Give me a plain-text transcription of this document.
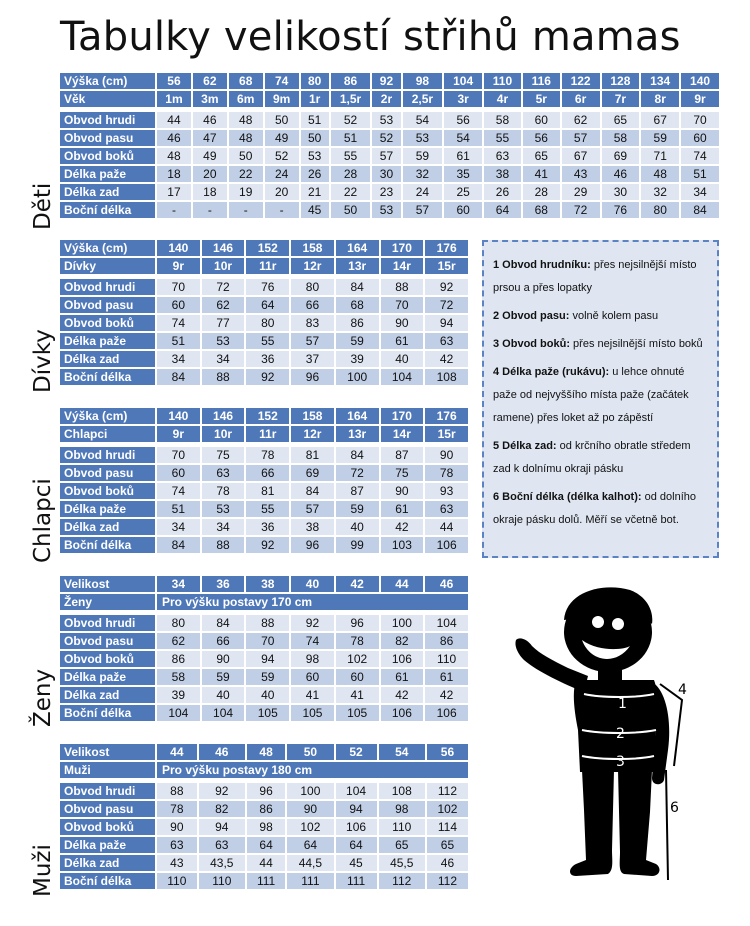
Tabulky velikostí střihů mamas
Děti
Dívky
Chlapci
Ženy
Muži
Výška (cm)	56	62	68	74	80	86	92	98	104	110	116	122	128	134	140
Věk	1m	3m	6m	9m	1r	1,5r	2r	2,5r	3r	4r	5r	6r	7r	8r	9r

Obvod hrudi	44	46	48	50	51	52	53	54	56	58	60	62	65	67	70
Obvod pasu	46	47	48	49	50	51	52	53	54	55	56	57	58	59	60
Obvod boků	48	49	50	52	53	55	57	59	61	63	65	67	69	71	74
Délka paže	18	20	22	24	26	28	30	32	35	38	41	43	46	48	51
Délka zad	17	18	19	20	21	22	23	24	25	26	28	29	30	32	34
Boční délka	-	-	-	-	45	50	53	57	60	64	68	72	76	80	84
Výška (cm)	140	146	152	158	164	170	176
Dívky	9r	10r	11r	12r	13r	14r	15r

Obvod hrudi	70	72	76	80	84	88	92
Obvod pasu	60	62	64	66	68	70	72
Obvod boků	74	77	80	83	86	90	94
Délka paže	51	53	55	57	59	61	63
Délka zad	34	34	36	37	39	40	42
Boční délka	84	88	92	96	100	104	108
Výška (cm)	140	146	152	158	164	170	176
Chlapci	9r	10r	11r	12r	13r	14r	15r

Obvod hrudi	70	75	78	81	84	87	90
Obvod pasu	60	63	66	69	72	75	78
Obvod boků	74	78	81	84	87	90	93
Délka paže	51	53	55	57	59	61	63
Délka zad	34	34	36	38	40	42	44
Boční délka	84	88	92	96	99	103	106
Velikost	34	36	38	40	42	44	46
Ženy	Pro výšku postavy 170 cm						

Obvod hrudi	80	84	88	92	96	100	104
Obvod pasu	62	66	70	74	78	82	86
Obvod boků	86	90	94	98	102	106	110
Délka paže	58	59	59	60	60	61	61
Délka zad	39	40	40	41	41	42	42
Boční délka	104	104	105	105	105	106	106
Velikost	44	46	48	50	52	54	56
Muži	Pro výšku postavy 180 cm						

Obvod hrudi	88	92	96	100	104	108	112
Obvod pasu	78	82	86	90	94	98	102
Obvod boků	90	94	98	102	106	110	114
Délka paže	63	63	64	64	64	65	65
Délka zad	43	43,5	44	44,5	45	45,5	46
Boční délka	110	110	111	111	111	112	112

1 Obvod hrudníku: přes nejsilnější místo prsou a přes lopatky

2 Obvod pasu: volně kolem pasu

3 Obvod boků: přes nejsilnější místo boků

4 Délka paže (rukávu): u lehce ohnuté paže od nejvyššího místa paže (začátek ramene) přes loket až po zápěstí

5 Délka zad: od krčního obratle středem zad k dolnímu okraji pásku

6 Boční délka (délka kalhot): od dolního okraje pásku dolů. Měří se včetně bot.

1
2
3
4
5
6
